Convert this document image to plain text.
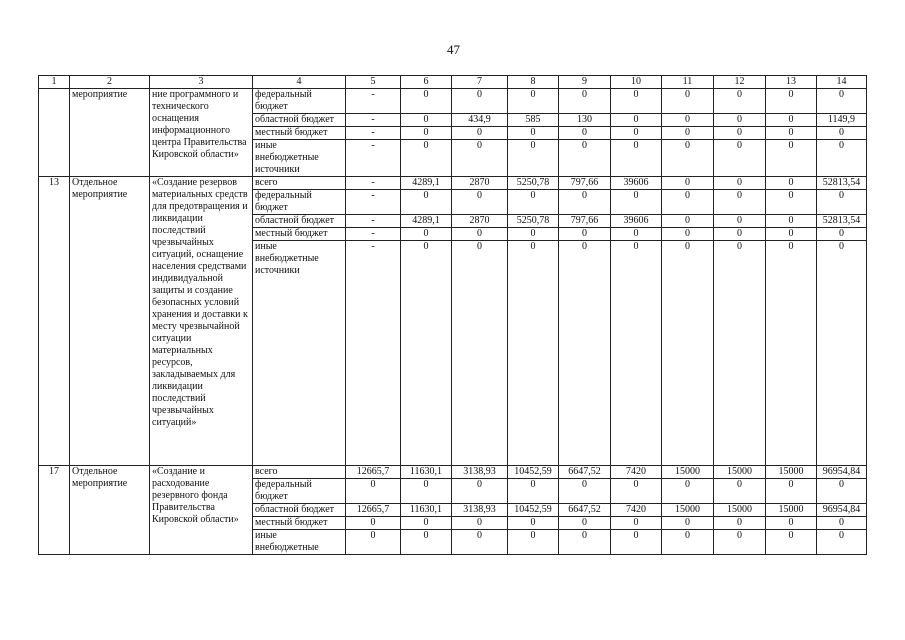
47
1	2	3	4	5	6	7	8	9	10	11	12	13	14
	мероприятие	ние программного и технического оснащения информационного центра Правительства Кировской области»	федеральный бюджет	-	0	0	0	0	0	0	0	0	0
			областной бюджет	-	0	434,9	585	130	0	0	0	0	1149,9
			местный бюджет	-	0	0	0	0	0	0	0	0	0
			иные внебюджетные источники	-	0	0	0	0	0	0	0	0	0
13	Отдельное мероприятие	«Создание резервов материальных средств для предотвращения и ликвидации последствий чрезвычайных ситуаций, оснащение населения средствами индивидуальной защиты и создание безопасных условий хранения и доставки к месту чрезвычайной ситуации материальных ресурсов, закладываемых для ликвидации последствий чрезвычайных ситуаций»	всего	-	4289,1	2870	5250,78	797,66	39606	0	0	0	52813,54
			федеральный бюджет	-	0	0	0	0	0	0	0	0	0
			областной бюджет	-	4289,1	2870	5250,78	797,66	39606	0	0	0	52813,54
			местный бюджет	-	0	0	0	0	0	0	0	0	0
			иные внебюджетные источники	-	0	0	0	0	0	0	0	0	0
17	Отдельное мероприятие	«Создание и расходование резервного фонда Правительства Кировской области»	всего	12665,7	11630,1	3138,93	10452,59	6647,52	7420	15000	15000	15000	96954,84
			федеральный бюджет	0	0	0	0	0	0	0	0	0	0
			областной бюджет	12665,7	11630,1	3138,93	10452,59	6647,52	7420	15000	15000	15000	96954,84
			местный бюджет	0	0	0	0	0	0	0	0	0	0
			иные внебюджетные	0	0	0	0	0	0	0	0	0	0
